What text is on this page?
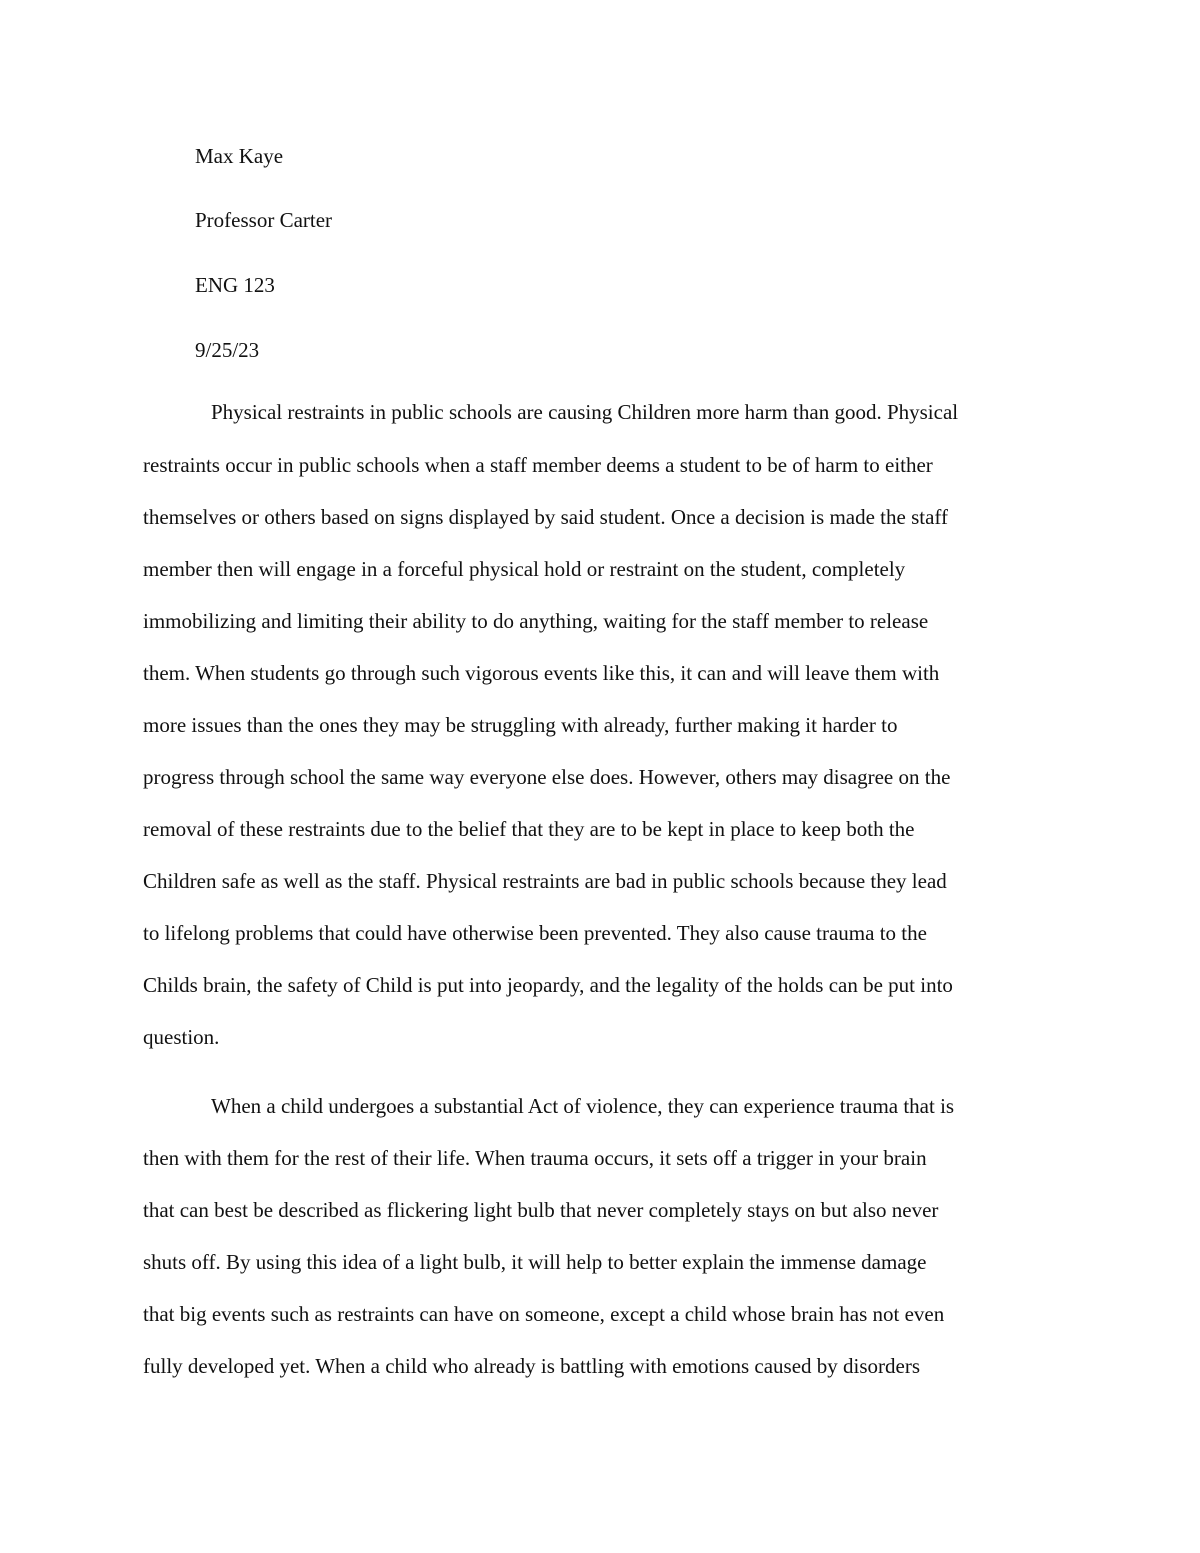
Max Kaye
Professor Carter
ENG 123
9/25/23
Physical restraints in public schools are causing Children more harm than good. Physical
restraints occur in public schools when a staff member deems a student to be of harm to either
themselves or others based on signs displayed by said student. Once a decision is made the staff
member then will engage in a forceful physical hold or restraint on the student, completely
immobilizing and limiting their ability to do anything, waiting for the staff member to release
them. When students go through such vigorous events like this, it can and will leave them with
more issues than the ones they may be struggling with already, further making it harder to
progress through school the same way everyone else does. However, others may disagree on the
removal of these restraints due to the belief that they are to be kept in place to keep both the
Children safe as well as the staff. Physical restraints are bad in public schools because they lead
to lifelong problems that could have otherwise been prevented. They also cause trauma to the
Childs brain, the safety of Child is put into jeopardy, and the legality of the holds can be put into
question.
When a child undergoes a substantial Act of violence, they can experience trauma that is
then with them for the rest of their life. When trauma occurs, it sets off a trigger in your brain
that can best be described as flickering light bulb that never completely stays on but also never
shuts off. By using this idea of a light bulb, it will help to better explain the immense damage
that big events such as restraints can have on someone, except a child whose brain has not even
fully developed yet. When a child who already is battling with emotions caused by disorders
